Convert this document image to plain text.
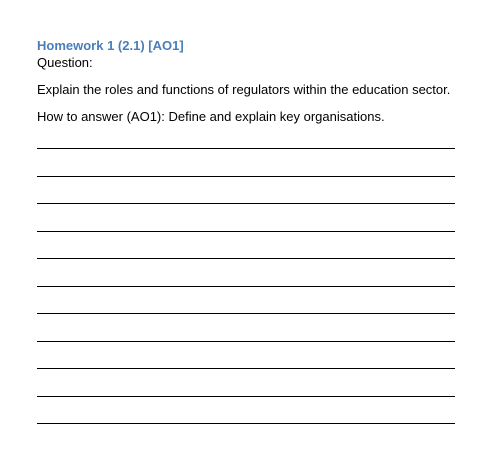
Homework 1 (2.1) [AO1]
Question:
Explain the roles and functions of regulators within the education sector.
How to answer (AO1): Define and explain key organisations.
